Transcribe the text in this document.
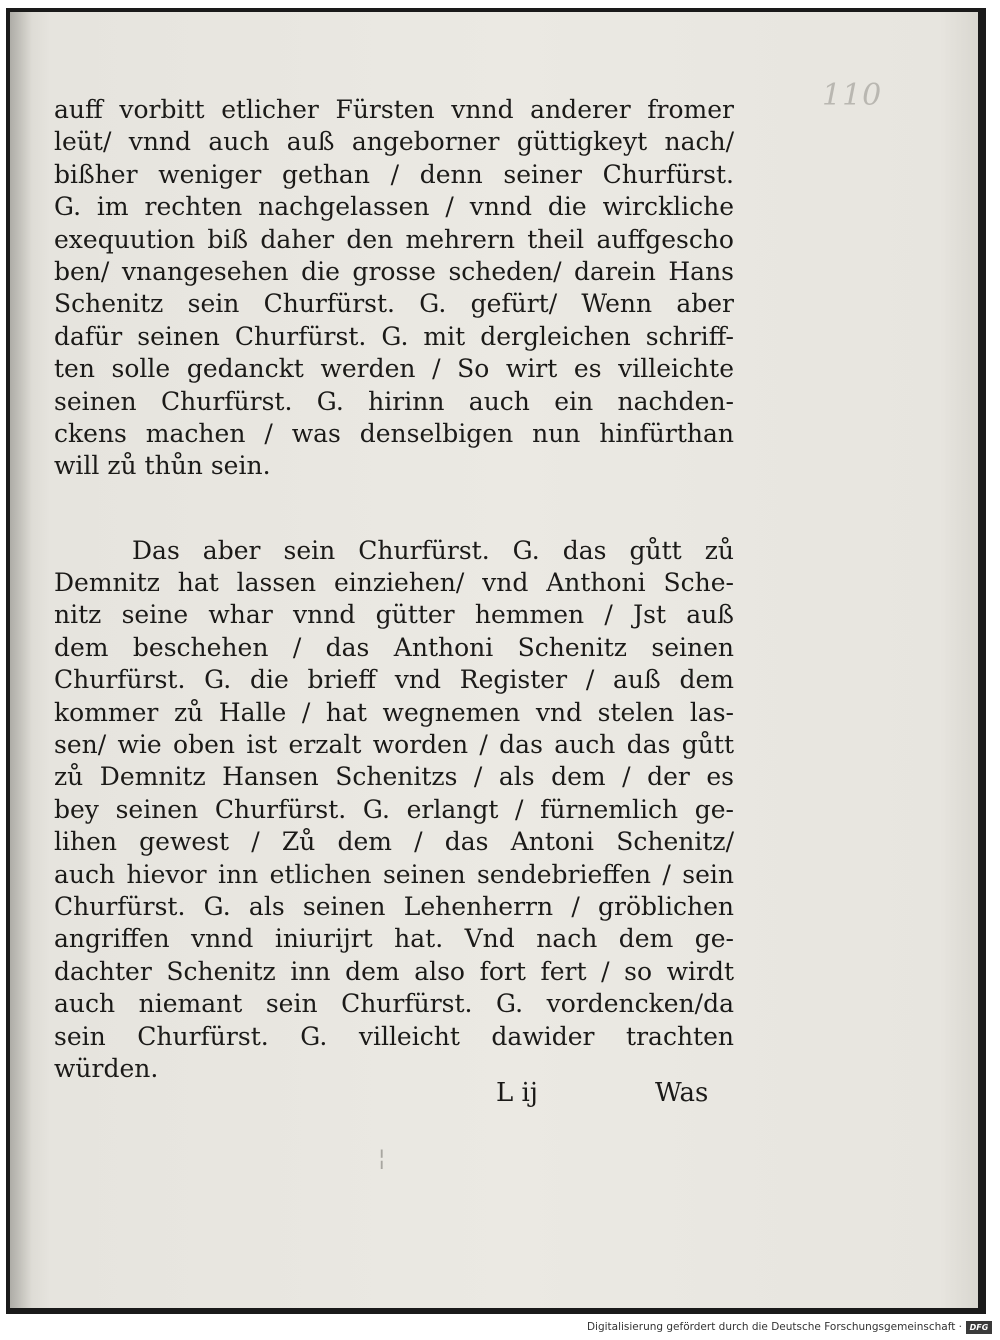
110
auff vorbitt etlicher Fürsten vnnd anderer fromer
leüt/ vnnd auch auß angeborner güttigkeyt nach/
bißher weniger gethan / denn seiner Churfürst.
G. im rechten nachgelassen / vnnd die wirckliche
exequution biß daher den mehrern theil auffgescho
ben/ vnangesehen die grosse scheden/ darein Hans
Schenitz sein Churfürst. G. gefürt/ Wenn aber
dafür seinen Churfürst. G. mit dergleichen schriff-
ten solle gedanckt werden / So wirt es villeichte
seinen Churfürst. G. hirinn auch ein nachden-
ckens machen / was denselbigen nun hinfürthan
will zů thůn sein.
Das aber sein Churfürst. G. das gůtt zů
Demnitz hat lassen einziehen/ vnd Anthoni Sche-
nitz seine whar vnnd gütter hemmen / Jst auß
dem beschehen / das Anthoni Schenitz seinen
Churfürst. G. die brieff vnd Register / auß dem
kommer zů Halle / hat wegnemen vnd stelen las-
sen/ wie oben ist erzalt worden / das auch das gůtt
zů Demnitz Hansen Schenitzs / als dem / der es
bey seinen Churfürst. G. erlangt / fürnemlich ge-
lihen gewest / Zů dem / das Antoni Schenitz/
auch hievor inn etlichen seinen sendebrieffen / sein
Churfürst. G. als seinen Lehenherrn / gröblichen
angriffen vnnd iniurijrt hat. Vnd nach dem ge-
dachter Schenitz inn dem also fort fert / so wirdt
auch niemant sein Churfürst. G. vordencken/da
sein Churfürst. G. villeicht dawider trachten
würden.
L ij	Was
¦
Digitalisierung gefördert durch die Deutsche Forschungsgemeinschaft · DFG
